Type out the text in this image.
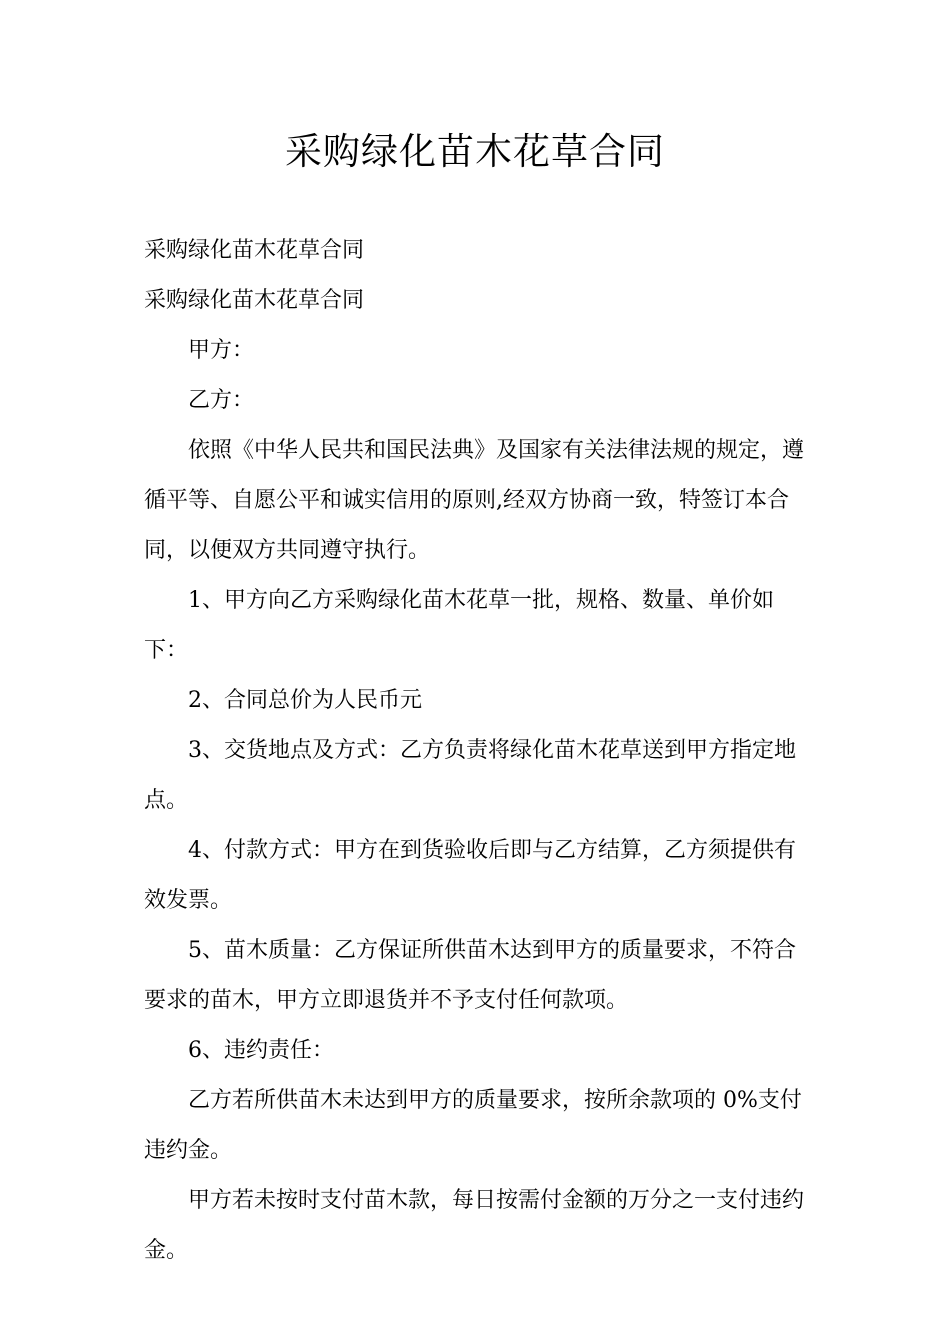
采购绿化苗木花草合同

采购绿化苗木花草合同

采购绿化苗木花草合同

甲方：

乙方：

依照《中华人民共和国民法典》及国家有关法律法规的规定，遵循平等、自愿公平和诚实信用的原则,经双方协商一致，特签订本合同，以便双方共同遵守执行。

1、甲方向乙方采购绿化苗木花草一批，规格、数量、单价如下：

2、合同总价为人民币元

3、交货地点及方式：乙方负责将绿化苗木花草送到甲方指定地点。

4、付款方式：甲方在到货验收后即与乙方结算，乙方须提供有效发票。

5、苗木质量：乙方保证所供苗木达到甲方的质量要求，不符合要求的苗木，甲方立即退货并不予支付任何款项。

6、违约责任：

乙方若所供苗木未达到甲方的质量要求，按所余款项的 0%支付违约金。

甲方若未按时支付苗木款，每日按需付金额的万分之一支付违约金。
